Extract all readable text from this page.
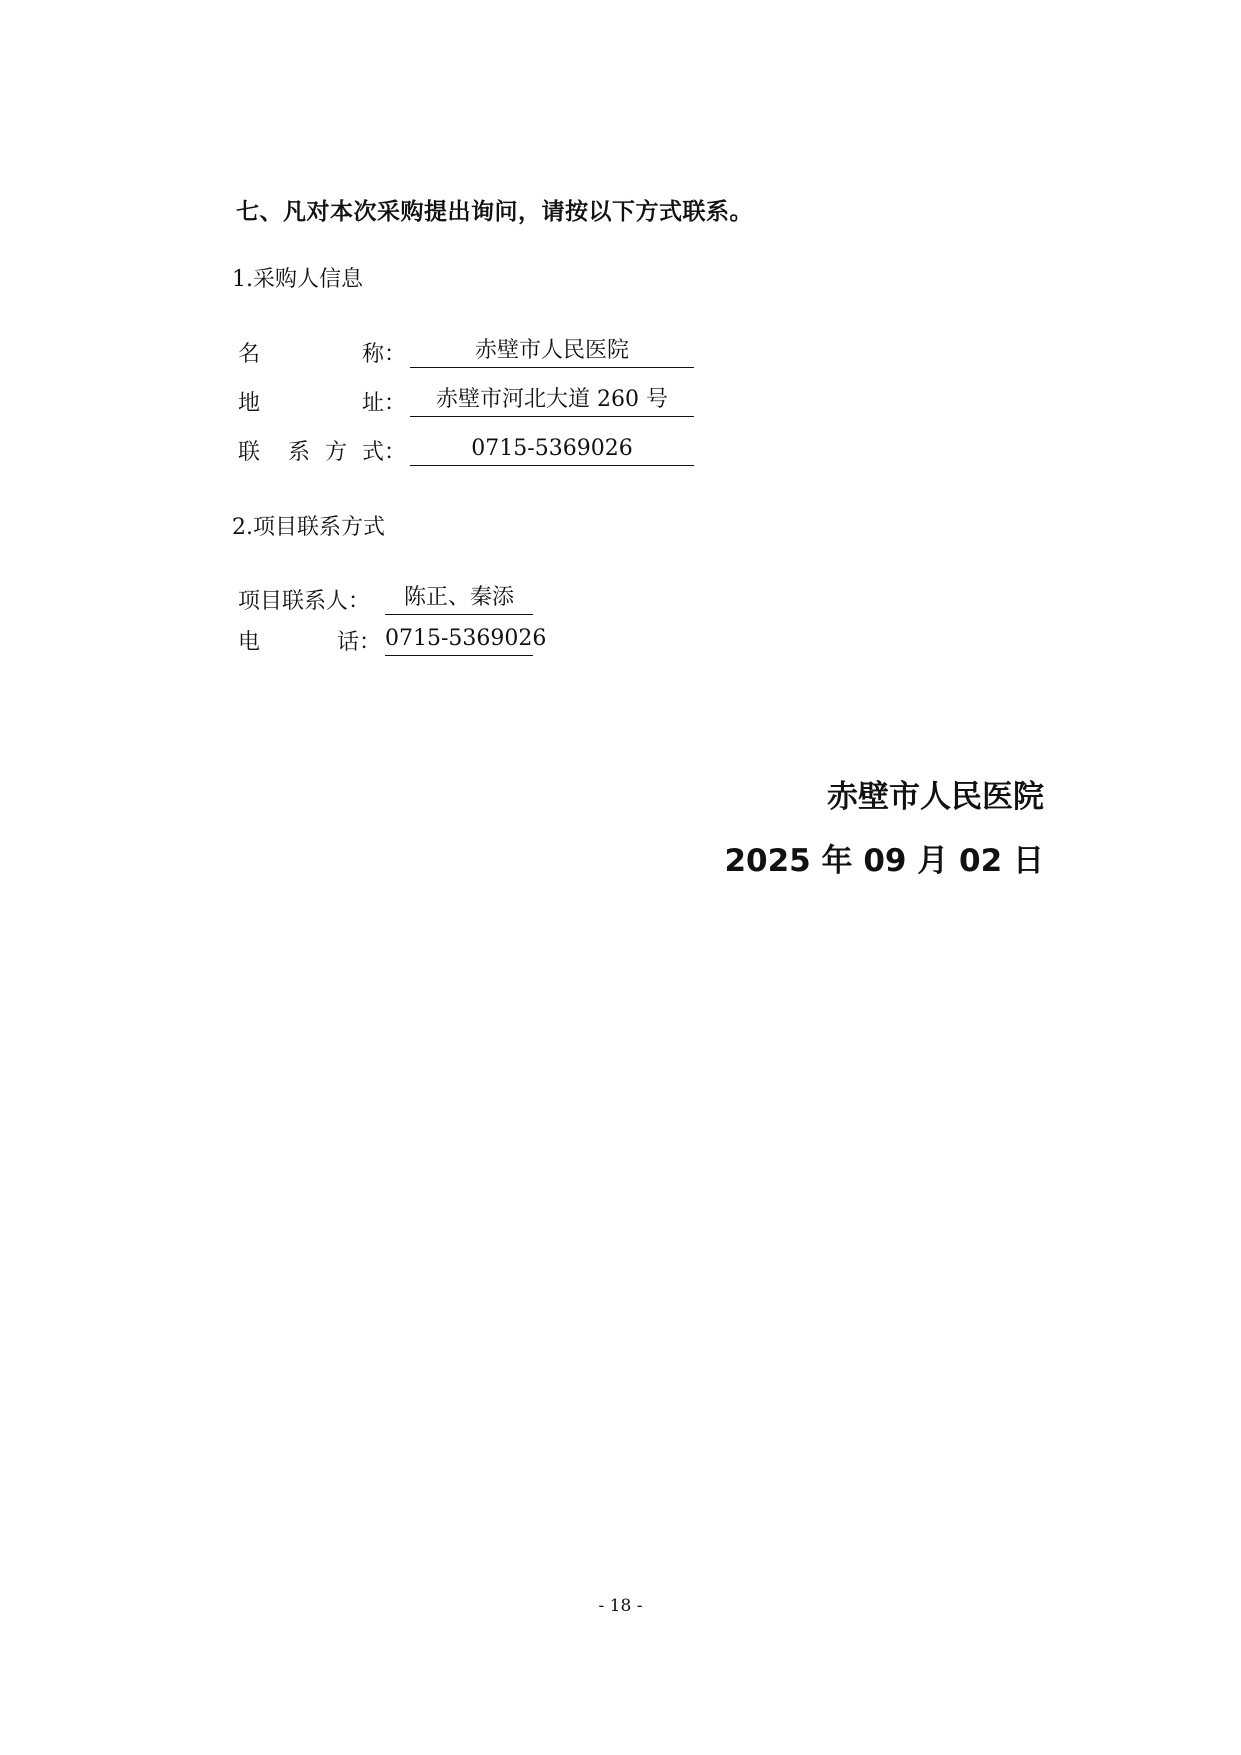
七、凡对本次采购提出询问，请按以下方式联系。
1.采购人信息
名	称：	赤壁市人民医院
地	址：	赤壁市河北大道 260 号
联 系 方 式：	0715-5369026
2.项目联系方式
项目联系人：	陈正、秦添
电	话： 0715-5369026
赤壁市人民医院
2025 年 09 月 02 日
- 18 -
